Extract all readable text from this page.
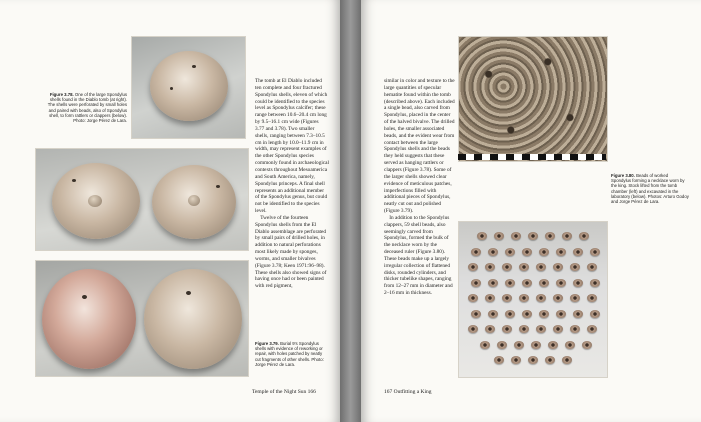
Figure 3.78. One of the large Spondylus shells found in the Diablo tomb (at right). The shells were perforated by small holes and paired with beads, also of Spondylus shell, to form rattlers or clappers (below). Photo: Jorge Pérez de Lara.
The tomb at El Diablo included ten complete and four fractured Spondylus shells, eleven of which could be identified to the species level as Spondylus calcifer; these range between 10.6–20.4 cm long by 9.5–16.1 cm wide (Figures 3.77 and 3.78). Two smaller shells, ranging between 7.3–10.5 cm in length by 10.0–11.9 cm in width, may represent examples of the other Spondylus species commonly found in archaeological contexts throughout Mesoamerica and South America, namely, Spondylus princeps. A final shell represents an additional member of the Spondylus genus, but could not be identified to the species level.
Twelve of the fourteen Spondylus shells from the El Diablo assemblage are perforated by small pairs of drilled holes, in addition to natural perforations most likely made by sponges, worms, and smaller bivalves (Figure 3.78; Keen 1971:96–98). These shells also showed signs of having once had or been painted with red pigment,
Figure 3.79. Burial 9's Spondylus shells with evidence of reworking or repair, with holes patched by neatly cut fragments of other shells. Photo: Jorge Pérez de Lara.
Temple of the Night Sun 166
similar in color and texture to the large quantities of specular hematite found within the tomb (described above). Each included a single bead, also carved from Spondylus, placed in the center of the halved bivalve. The drilled holes, the smaller associated beads, and the evident wear from contact between the large Spondylus shells and the beads they held suggests that these served as hanging rattlers or clappers (Figure 3.78). Some of the larger shells showed clear evidence of meticulous patches, imperfections filled with additional pieces of Spondylus, neatly cut out and polished (Figure 3.79).
In addition to the Spondylus clappers, 59 shell beads, also seemingly carved from Spondylus, formed the bulk of the necklace worn by the deceased ruler (Figure 3.80). These beads make up a largely irregular collection of flattened disks, rounded cylinders, and thicker tubelike shapes, ranging from 12–27 mm in diameter and 2–16 mm in thickness.
Figure 3.80. Beads of worked Spondylus forming a necklace worn by the king. Stock lifted from the tomb chamber (left) and excavated in the laboratory (below). Photos: Arturo Godoy and Jorge Pérez de Lara.
167 Outfitting a King
